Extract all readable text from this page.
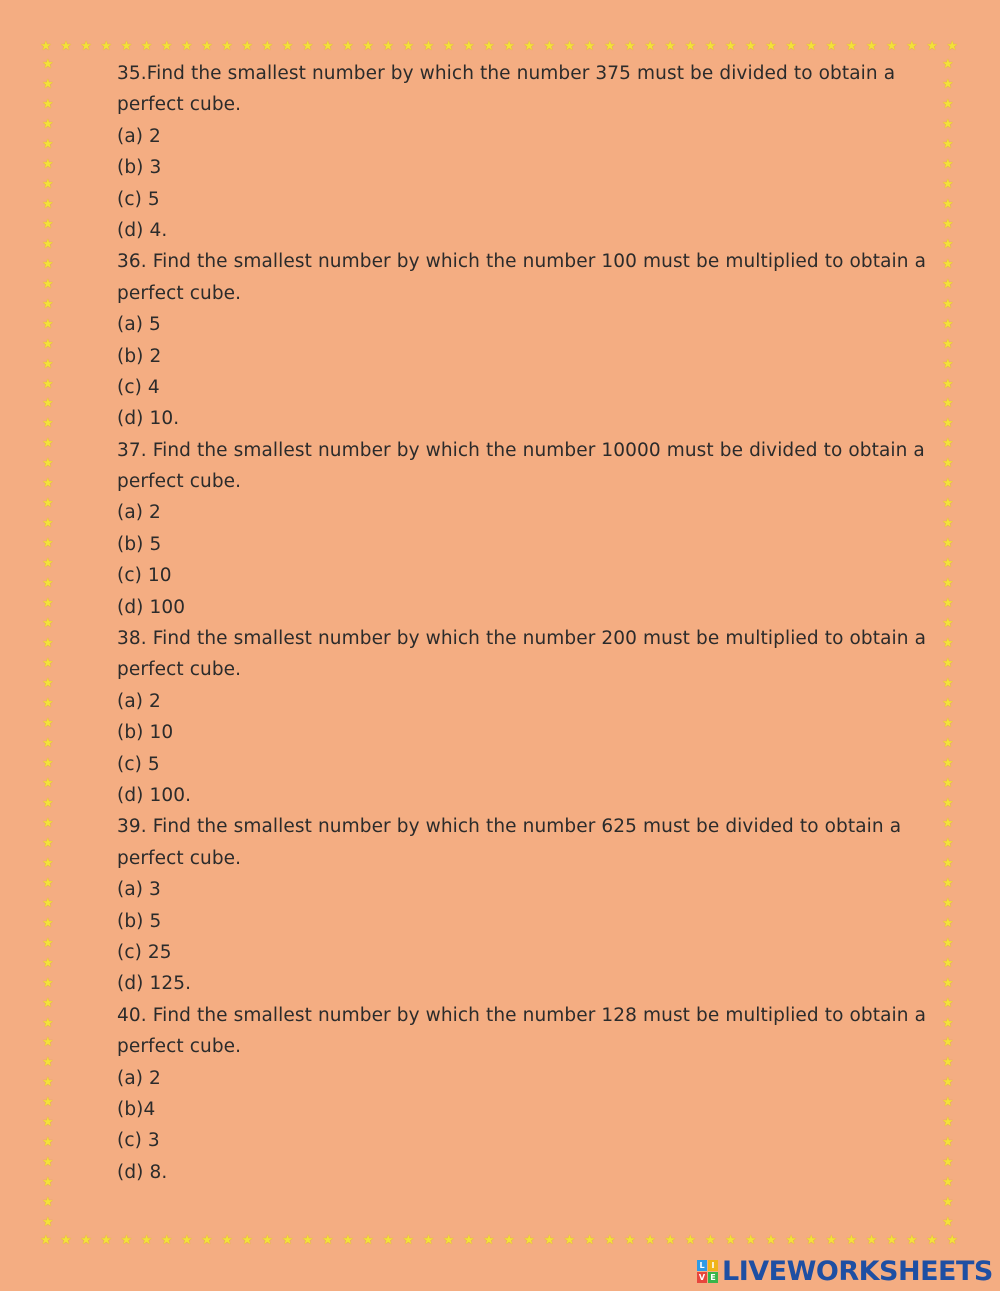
★ ★ ★ ★ ★ ★ ★ ★ ★ ★ ★ ★ ★ ★ ★ ★ ★ ★ ★ ★ ★ ★ ★ ★ ★ ★ ★ ★ ★ ★ ★ ★ ★ ★ ★ ★ ★ ★ ★ ★ ★ ★ ★ ★ ★ ★
★ ★ ★ ★ ★ ★ ★ ★ ★ ★ ★ ★ ★ ★ ★ ★ ★ ★ ★ ★ ★ ★ ★ ★ ★ ★ ★ ★ ★ ★ ★ ★ ★ ★ ★ ★ ★ ★ ★ ★ ★ ★ ★ ★ ★ ★
★
★
★
★
★
★
★
★
★
★
★
★
★
★
★
★
★
★
★
★
★
★
★
★
★
★
★
★
★
★
★
★
★
★
★
★
★
★
★
★
★
★
★
★
★
★
★
★
★
★
★
★
★
★
★
★
★
★
★
★
★
★
★
★
★
★
★
★
★
★
★
★
★
★
★
★
★
★
★
★
★
★
★
★
★
★
★
★
★
★
★
★
★
★
★
★
★
★
★
★
★
★
★
★
★
★
★
★
★
★
★
★
★
★
★
★
★
★
35.Find the smallest number by which the number 375 must be divided to obtain a
perfect cube.
(a) 2
(b) 3
(c) 5
(d) 4.
36. Find the smallest number by which the number 100 must be multiplied to obtain a
perfect cube.
(a) 5
(b) 2
(c) 4
(d) 10.
37. Find the smallest number by which the number 10000 must be divided to obtain a
perfect cube.
(a) 2
(b) 5
(c) 10
(d) 100
38. Find the smallest number by which the number 200 must be multiplied to obtain a
perfect cube.
(a) 2
(b) 10
(c) 5
(d) 100.
39. Find the smallest number by which the number 625 must be divided to obtain a
perfect cube.
(a) 3
(b) 5
(c) 25
(d) 125.
40. Find the smallest number by which the number 128 must be multiplied to obtain a
perfect cube.
(a) 2
(b)4
(c) 3
(d) 8.
L I
V E LIVEWORKSHEETS
